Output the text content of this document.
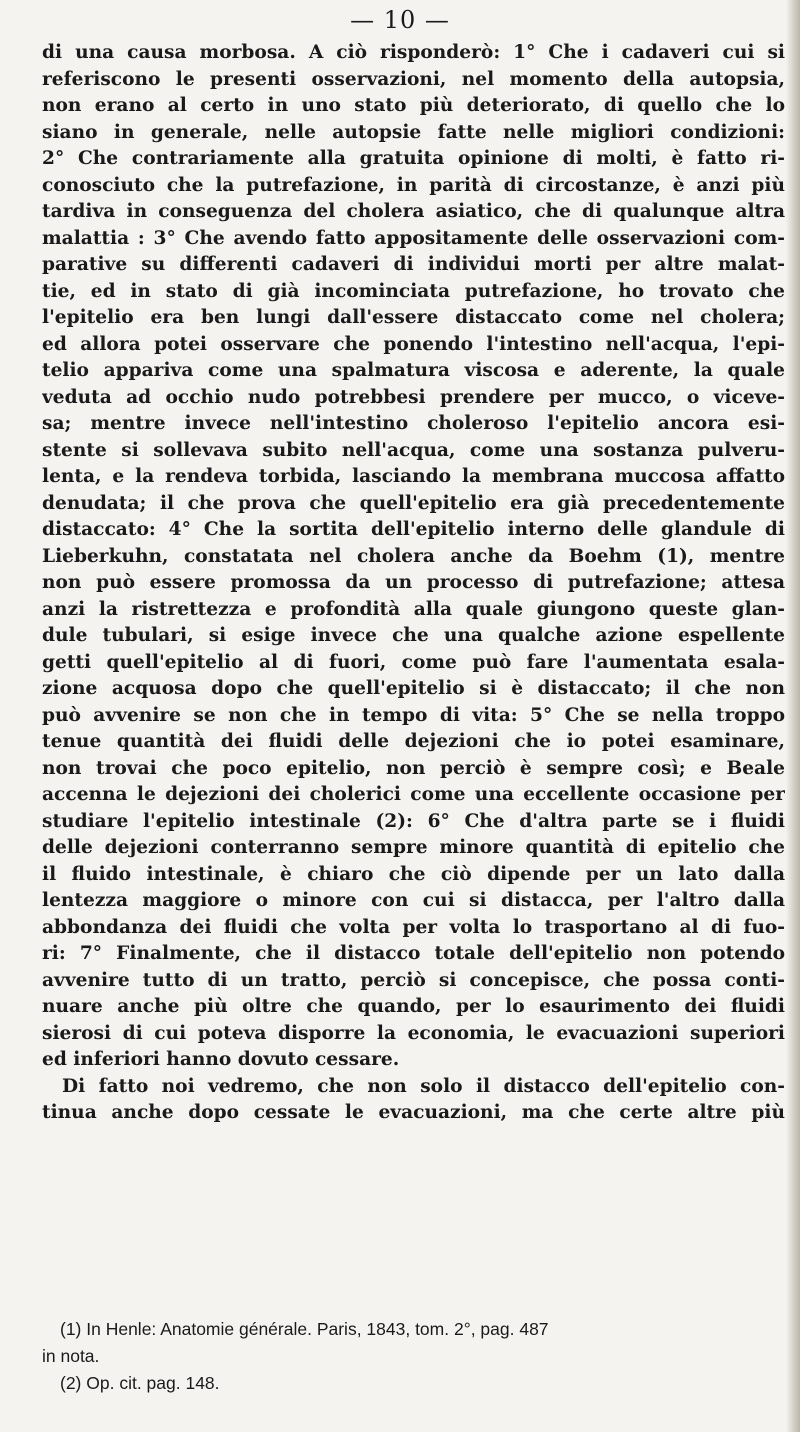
— 10 —
di una causa morbosa. A ciò risponderò: 1° Che i cadaveri cui si
referiscono le presenti osservazioni, nel momento della autopsia,
non erano al certo in uno stato più deteriorato, di quello che lo
siano in generale, nelle autopsie fatte nelle migliori condizioni:
2° Che contrariamente alla gratuita opinione di molti, è fatto ri-
conosciuto che la putrefazione, in parità di circostanze, è anzi più
tardiva in conseguenza del cholera asiatico, che di qualunque altra
malattia : 3° Che avendo fatto appositamente delle osservazioni com-
parative su differenti cadaveri di individui morti per altre malat-
tie, ed in stato di già incominciata putrefazione, ho trovato che
l'epitelio era ben lungi dall'essere distaccato come nel cholera;
ed allora potei osservare che ponendo l'intestino nell'acqua, l'epi-
telio appariva come una spalmatura viscosa e aderente, la quale
veduta ad occhio nudo potrebbesi prendere per mucco, o viceve-
sa; mentre invece nell'intestino choleroso l'epitelio ancora esi-
stente si sollevava subito nell'acqua, come una sostanza pulveru-
lenta, e la rendeva torbida, lasciando la membrana muccosa affatto
denudata; il che prova che quell'epitelio era già precedentemente
distaccato: 4° Che la sortita dell'epitelio interno delle glandule di
Lieberkuhn, constatata nel cholera anche da Boehm (1), mentre
non può essere promossa da un processo di putrefazione; attesa
anzi la ristrettezza e profondità alla quale giungono queste glan-
dule tubulari, si esige invece che una qualche azione espellente
getti quell'epitelio al di fuori, come può fare l'aumentata esala-
zione acquosa dopo che quell'epitelio si è distaccato; il che non
può avvenire se non che in tempo di vita: 5° Che se nella troppo
tenue quantità dei fluidi delle dejezioni che io potei esaminare,
non trovai che poco epitelio, non perciò è sempre così; e Beale
accenna le dejezioni dei cholerici come una eccellente occasione per
studiare l'epitelio intestinale (2): 6° Che d'altra parte se i fluidi
delle dejezioni conterranno sempre minore quantità di epitelio che
il fluido intestinale, è chiaro che ciò dipende per un lato dalla
lentezza maggiore o minore con cui si distacca, per l'altro dalla
abbondanza dei fluidi che volta per volta lo trasportano al di fuo-
ri: 7° Finalmente, che il distacco totale dell'epitelio non potendo
avvenire tutto di un tratto, perciò si concepisce, che possa conti-
nuare anche più oltre che quando, per lo esaurimento dei fluidi
sierosi di cui poteva disporre la economia, le evacuazioni superiori
ed inferiori hanno dovuto cessare.
Di fatto noi vedremo, che non solo il distacco dell'epitelio con-
tinua anche dopo cessate le evacuazioni, ma che certe altre più
(1) In Henle: Anatomie générale. Paris, 1843, tom. 2°, pag. 487
in nota.
(2) Op. cit. pag. 148.
